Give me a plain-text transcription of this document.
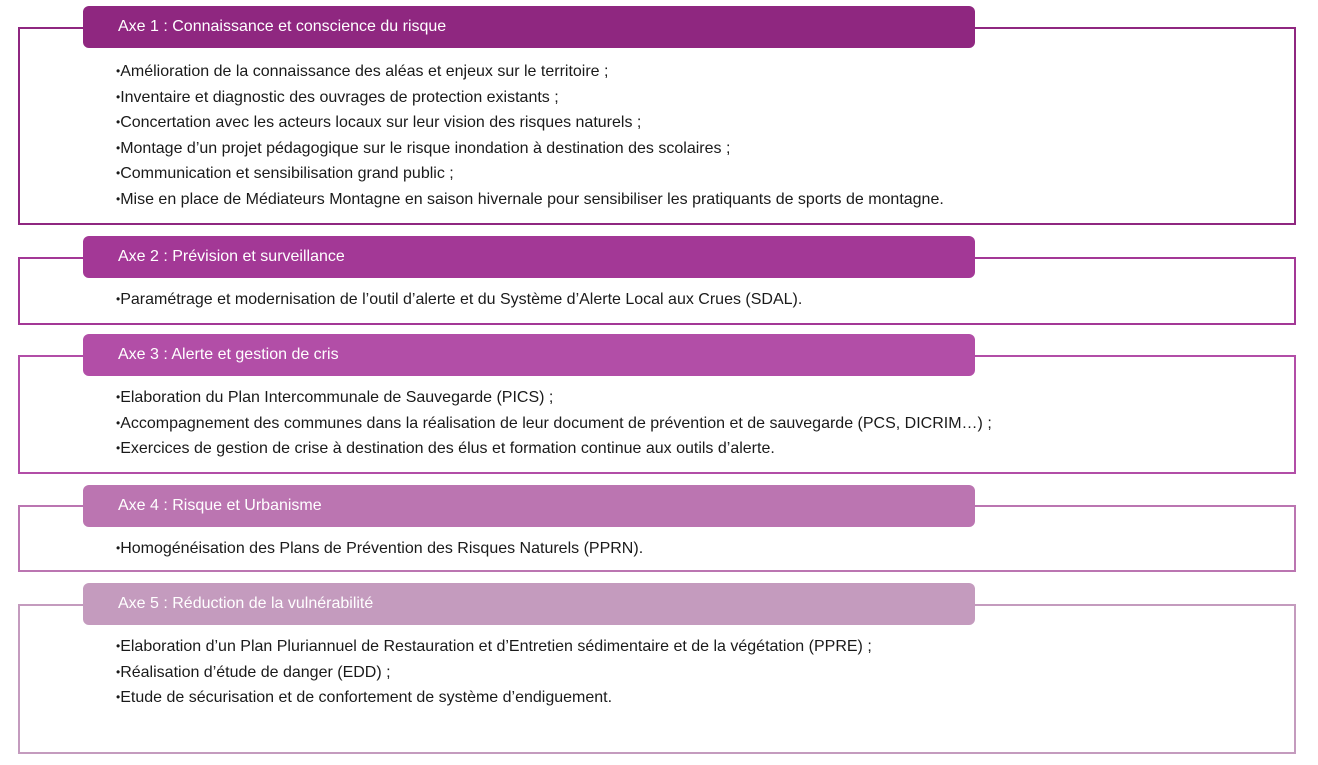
Axe 1 : Connaissance et conscience du risque
•Amélioration de la connaissance des aléas et enjeux sur le territoire ;
•Inventaire et diagnostic des ouvrages de protection existants ;
•Concertation avec les acteurs locaux sur leur vision des risques naturels ;
•Montage d’un projet pédagogique sur le risque inondation à destination des scolaires ;
•Communication et sensibilisation grand public ;
•Mise en place de Médiateurs Montagne en saison hivernale pour sensibiliser les pratiquants de sports de montagne.
Axe 2 : Prévision et surveillance
•Paramétrage et modernisation de l’outil d’alerte et du Système d’Alerte Local aux Crues (SDAL).
Axe 3 : Alerte et gestion de cris
•Elaboration du Plan Intercommunale de Sauvegarde (PICS) ;
•Accompagnement des communes dans la réalisation de leur document de prévention et de sauvegarde (PCS, DICRIM…) ;
•Exercices de gestion de crise à destination des élus et formation continue aux outils d’alerte.
Axe 4 : Risque et Urbanisme
•Homogénéisation des Plans de Prévention des Risques Naturels (PPRN).
Axe 5 : Réduction de la vulnérabilité
•Elaboration d’un Plan Pluriannuel de Restauration et d’Entretien sédimentaire et de la végétation (PPRE) ;
•Réalisation d’étude de danger (EDD) ;
•Etude de sécurisation et de confortement de système d’endiguement.
